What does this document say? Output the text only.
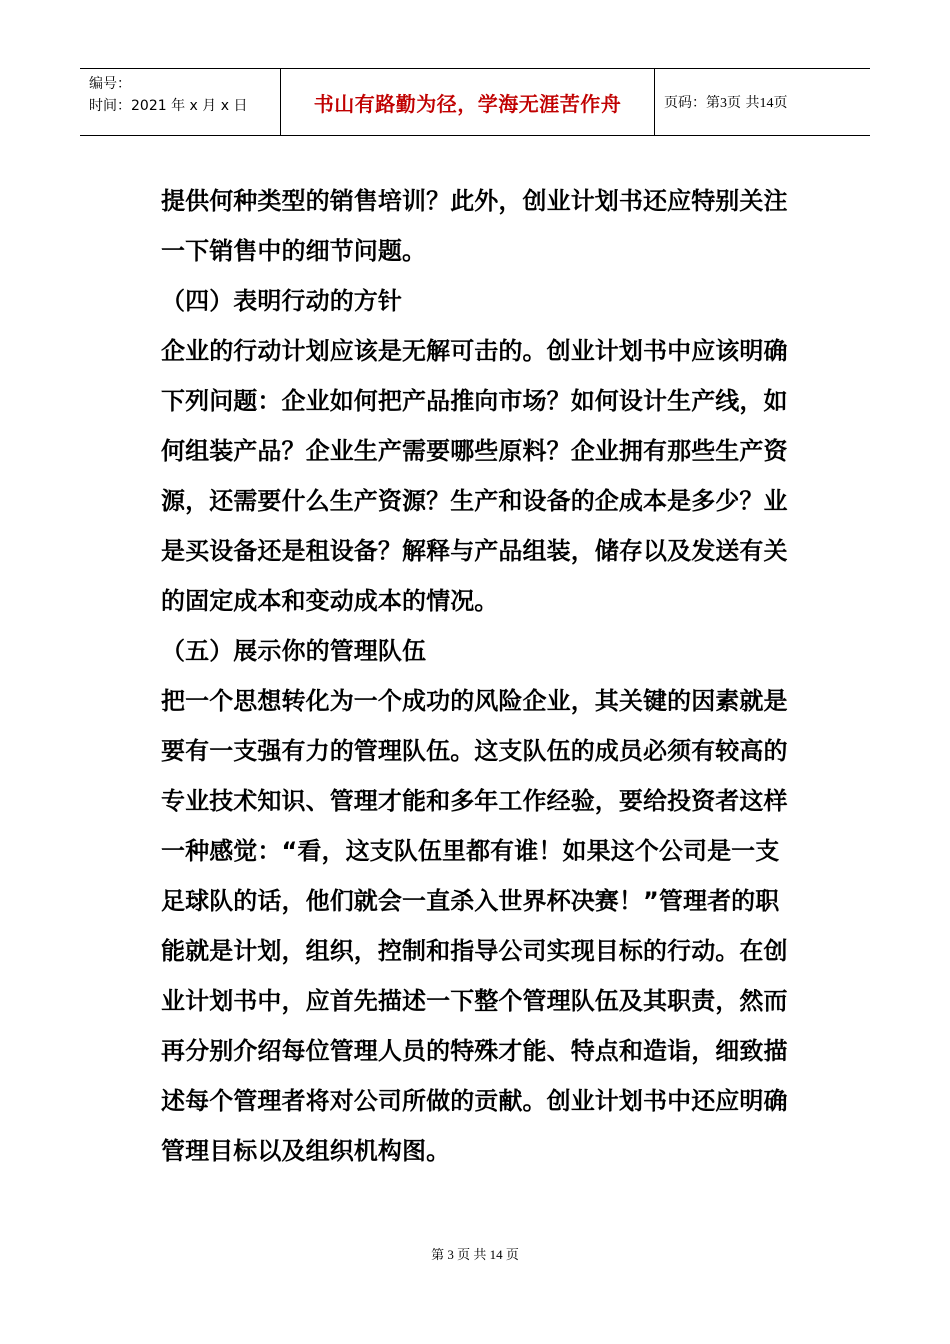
编号：
时间：2021 年 x 月 x 日	书山有路勤为径，学海无涯苦作舟	页码：第3页 共14页
提供何种类型的销售培训？此外，创业计划书还应特别关注
一下销售中的细节问题。
（四）表明行动的方针
企业的行动计划应该是无解可击的。创业计划书中应该明确
下列问题：企业如何把产品推向市场？如何设计生产线，如
何组装产品？企业生产需要哪些原料？企业拥有那些生产资
源，还需要什么生产资源？生产和设备的企成本是多少？业
是买设备还是租设备？解释与产品组装，储存以及发送有关
的固定成本和变动成本的情况。
（五）展示你的管理队伍
把一个思想转化为一个成功的风险企业，其关键的因素就是
要有一支强有力的管理队伍。这支队伍的成员必须有较高的
专业技术知识、管理才能和多年工作经验，要给投资者这样
一种感觉：“看，这支队伍里都有谁！如果这个公司是一支
足球队的话，他们就会一直杀入世界杯决赛！”管理者的职
能就是计划，组织，控制和指导公司实现目标的行动。在创
业计划书中，应首先描述一下整个管理队伍及其职责，然而
再分别介绍每位管理人员的特殊才能、特点和造诣，细致描
述每个管理者将对公司所做的贡献。创业计划书中还应明确
管理目标以及组织机构图。
第 3 页 共 14 页
